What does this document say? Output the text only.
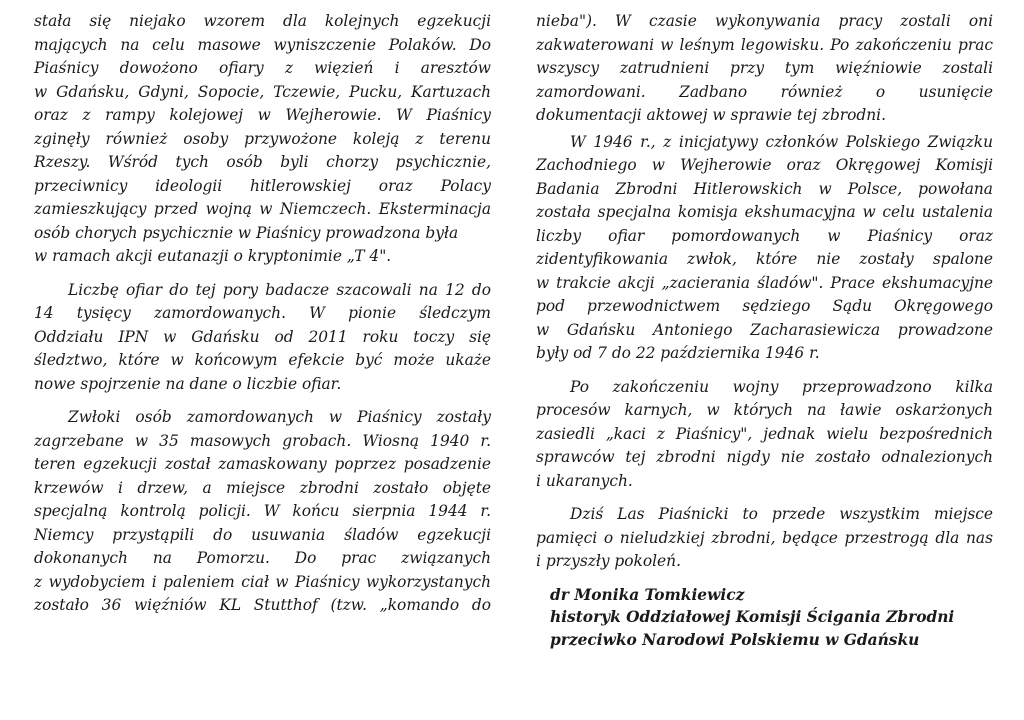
stała się niejako wzorem dla kolejnych egzekucji
mających na celu masowe wyniszczenie Polaków. Do
Piaśnicy dowożono ofiary z więzień i aresztów
w Gdańsku, Gdyni, Sopocie, Tczewie, Pucku, Kartuzach
oraz z rampy kolejowej w Wejherowie. W Piaśnicy
zginęły również osoby przywożone koleją z terenu
Rzeszy. Wśród tych osób byli chorzy psychicznie,
przeciwnicy ideologii hitlerowskiej oraz Polacy
zamieszkujący przed wojną w Niemczech. Eksterminacja
osób chorych psychicznie w Piaśnicy prowadzona była
w ramach akcji eutanazji o kryptonimie „T 4".
Liczbę ofiar do tej pory badacze szacowali na 12 do
14 tysięcy zamordowanych. W pionie śledczym
Oddziału IPN w Gdańsku od 2011 roku toczy się
śledztwo, które w końcowym efekcie być może ukaże
nowe spojrzenie na dane o liczbie ofiar.
Zwłoki osób zamordowanych w Piaśnicy zostały
zagrzebane w 35 masowych grobach. Wiosną 1940 r.
teren egzekucji został zamaskowany poprzez posadzenie
krzewów i drzew, a miejsce zbrodni zostało objęte
specjalną kontrolą policji. W końcu sierpnia 1944 r.
Niemcy przystąpili do usuwania śladów egzekucji
dokonanych na Pomorzu. Do prac związanych
z wydobyciem i paleniem ciał w Piaśnicy wykorzystanych
zostało 36 więźniów KL Stutthof (tzw. „komando do
nieba"). W czasie wykonywania pracy zostali oni
zakwaterowani w leśnym legowisku. Po zakończeniu prac
wszyscy zatrudnieni przy tym więźniowie zostali
zamordowani. Zadbano również o usunięcie
dokumentacji aktowej w sprawie tej zbrodni.
W 1946 r., z inicjatywy członków Polskiego Związku
Zachodniego w Wejherowie oraz Okręgowej Komisji
Badania Zbrodni Hitlerowskich w Polsce, powołana
została specjalna komisja ekshumacyjna w celu ustalenia
liczby ofiar pomordowanych w Piaśnicy oraz
zidentyfikowania zwłok, które nie zostały spalone
w trakcie akcji „zacierania śladów". Prace ekshumacyjne
pod przewodnictwem sędziego Sądu Okręgowego
w Gdańsku Antoniego Zacharasiewicza prowadzone
były od 7 do 22 października 1946 r.
Po zakończeniu wojny przeprowadzono kilka
procesów karnych, w których na ławie oskarżonych
zasiedli „kaci z Piaśnicy", jednak wielu bezpośrednich
sprawców tej zbrodni nigdy nie zostało odnalezionych
i ukaranych.
Dziś Las Piaśnicki to przede wszystkim miejsce
pamięci o nieludzkiej zbrodni, będące przestrogą dla nas
i przyszły pokoleń.
dr Monika Tomkiewicz
historyk Oddziałowej Komisji Ścigania Zbrodni
przeciwko Narodowi Polskiemu w Gdańsku
